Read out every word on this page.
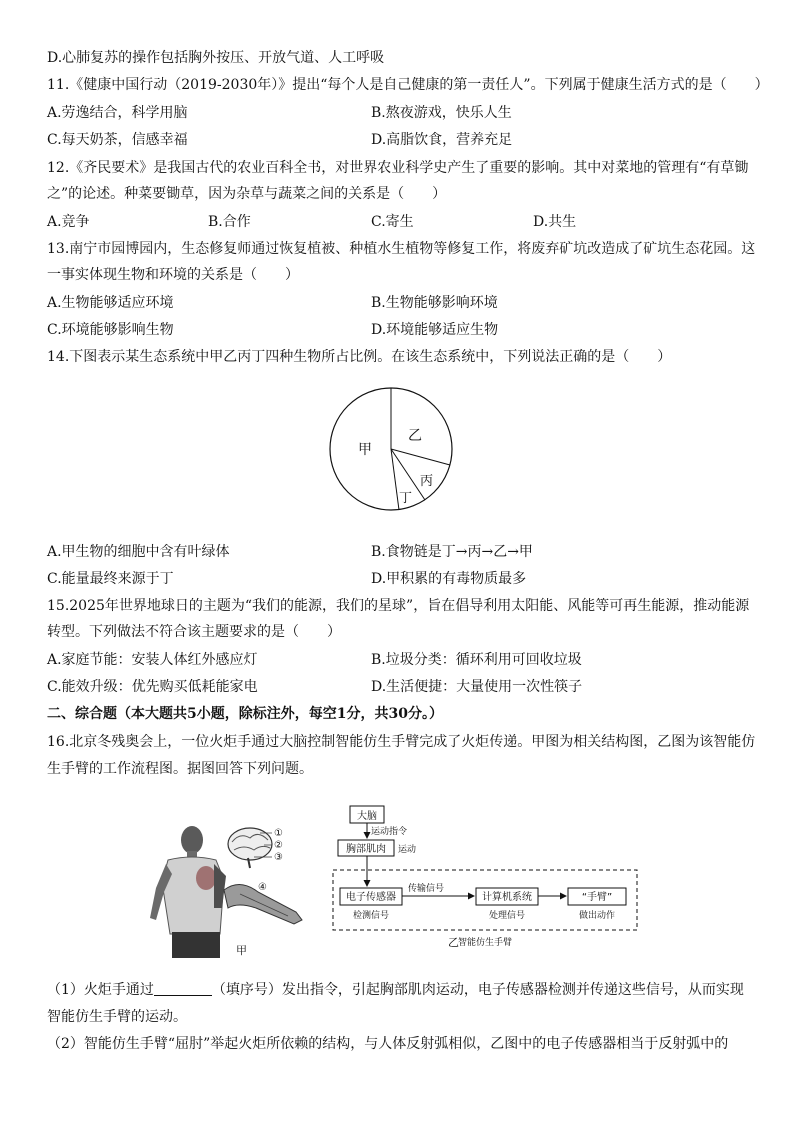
D.心肺复苏的操作包括胸外按压、开放气道、人工呼吸
11.《健康中国行动（2019-2030年）》提出“每个人是自己健康的第一责任人”。下列属于健康生活方式的是（　　）
A.劳逸结合，科学用脑	B.熬夜游戏，快乐人生
C.每天奶茶，信感幸福	D.高脂饮食，营养充足
12.《齐民要术》是我国古代的农业百科全书，对世界农业科学史产生了重要的影响。其中对菜地的管理有“有草锄
之”的论述。种菜要锄草，因为杂草与蔬菜之间的关系是（　　）
A.竞争	B.合作	C.寄生	D.共生
13.南宁市园博园内，生态修复师通过恢复植被、种植水生植物等修复工作，将废弃矿坑改造成了矿坑生态花园。这
一事实体现生物和环境的关系是（　　）
A.生物能够适应环境	B.生物能够影响环境
C.环境能够影响生物	D.环境能够适应生物
14.下图表示某生态系统中甲乙丙丁四种生物所占比例。在该生态系统中，下列说法正确的是（　　）
甲
乙
丙
丁
A.甲生物的细胞中含有叶绿体	B.食物链是丁→丙→乙→甲
C.能量最终来源于丁	D.甲积累的有毒物质最多
15.2025年世界地球日的主题为“我们的能源，我们的星球”，旨在倡导利用太阳能、风能等可再生能源，推动能源
转型。下列做法不符合该主题要求的是（　　）
A.家庭节能：安装人体红外感应灯	B.垃圾分类：循环利用可回收垃圾
C.能效升级：优先购买低耗能家电	D.生活便捷：大量使用一次性筷子
二、综合题（本大题共5小题，除标注外，每空1分，共30分。）
16.北京冬残奥会上，一位火炬手通过大脑控制智能仿生手臂完成了火炬传递。甲图为相关结构图，乙图为该智能仿
生手臂的工作流程图。据图回答下列问题。
①
②
③
④
甲
大脑
运动指令
胸部肌肉 运动
电子传感器
检测信号
传输信号
计算机系统
处理信号
“手臂”
做出动作
乙 智能仿生手臂
（1）火炬手通过	（填序号）发出指令，引起胸部肌肉运动，电子传感器检测并传递这些信号，从而实现
智能仿生手臂的运动。
（2）智能仿生手臂“屈肘”举起火炬所依赖的结构，与人体反射弧相似，乙图中的电子传感器相当于反射弧中的
